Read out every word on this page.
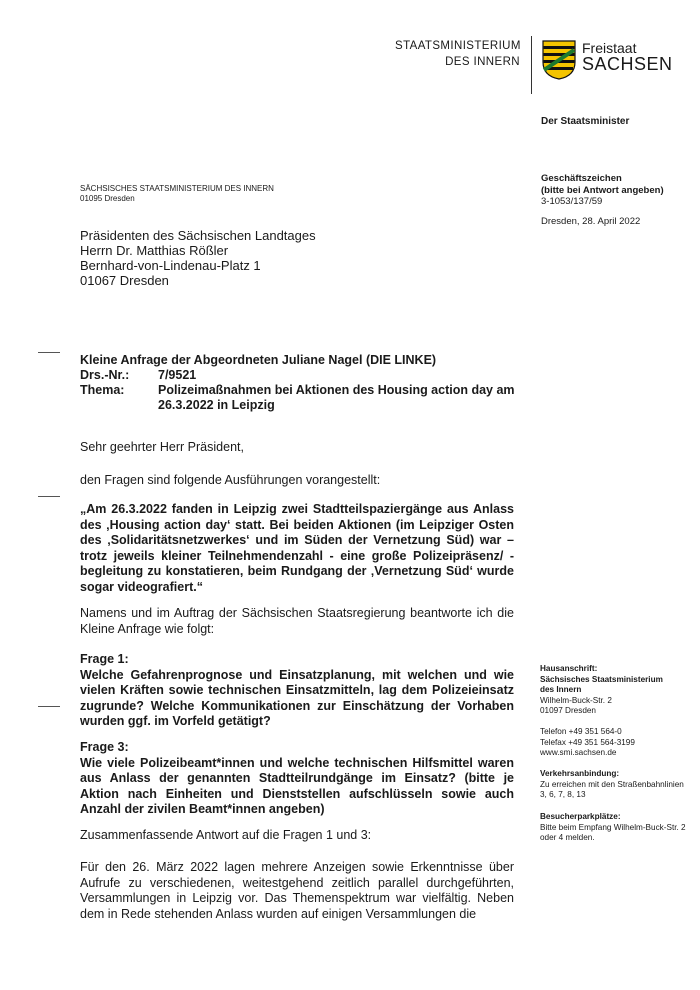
STAATSMINISTERIUM
DES INNERN
Freistaat
SACHSEN
Der Staatsminister
SÄCHSISCHES STAATSMINISTERIUM DES INNERN
01095 Dresden
Geschäftszeichen
(bitte bei Antwort angeben)
3-1053/137/59
Dresden, 28. April 2022
Präsidenten des Sächsischen Landtages
Herrn Dr. Matthias Rößler
Bernhard-von-Lindenau-Platz 1
01067 Dresden
Kleine Anfrage der Abgeordneten Juliane Nagel (DIE LINKE)
Drs.-Nr.:	7/9521
Thema:	Polizeimaßnahmen bei Aktionen des Housing action day am 26.3.2022 in Leipzig
Sehr geehrter Herr Präsident,
den Fragen sind folgende Ausführungen vorangestellt:
„Am 26.3.2022 fanden in Leipzig zwei Stadtteilspaziergänge aus Anlass des ‚Housing action day‘ statt. Bei beiden Aktionen (im Leipziger Osten des ‚Solidaritätsnetzwerkes‘ und im Süden der Vernetzung Süd) war – trotz jeweils kleiner Teilnehmendenzahl - eine große Polizeipräsenz/ -begleitung zu konstatieren, beim Rundgang der ‚Vernetzung Süd‘ wurde sogar videografiert.“
Namens und im Auftrag der Sächsischen Staatsregierung beantworte ich die Kleine Anfrage wie folgt:
Frage 1:
Welche Gefahrenprognose und Einsatzplanung, mit welchen und wie vielen Kräften sowie technischen Einsatzmitteln, lag dem Polizeieinsatz zugrunde? Welche Kommunikationen zur Einschätzung der Vorhaben wurden ggf. im Vorfeld getätigt?
Frage 3:
Wie viele Polizeibeamt*innen und welche technischen Hilfsmittel waren aus Anlass der genannten Stadtteilrundgänge im Einsatz? (bitte je Aktion nach Einheiten und Dienststellen aufschlüsseln sowie auch Anzahl der zivilen Beamt*innen angeben)
Zusammenfassende Antwort auf die Fragen 1 und 3:
Für den 26. März 2022 lagen mehrere Anzeigen sowie Erkenntnisse über Aufrufe zu verschiedenen, weitestgehend zeitlich parallel durchgeführten, Versammlungen in Leipzig vor. Das Themenspektrum war vielfältig. Neben dem in Rede stehenden Anlass wurden auf einigen Versammlungen die
Hausanschrift:
Sächsisches Staatsministerium
des Innern
Wilhelm-Buck-Str. 2
01097 Dresden
Telefon +49 351 564-0
Telefax +49 351 564-3199
www.smi.sachsen.de
Verkehrsanbindung:
Zu erreichen mit den Straßenbahnlinien 3, 6, 7, 8, 13
Besucherparkplätze:
Bitte beim Empfang Wilhelm-Buck-Str. 2 oder 4 melden.
